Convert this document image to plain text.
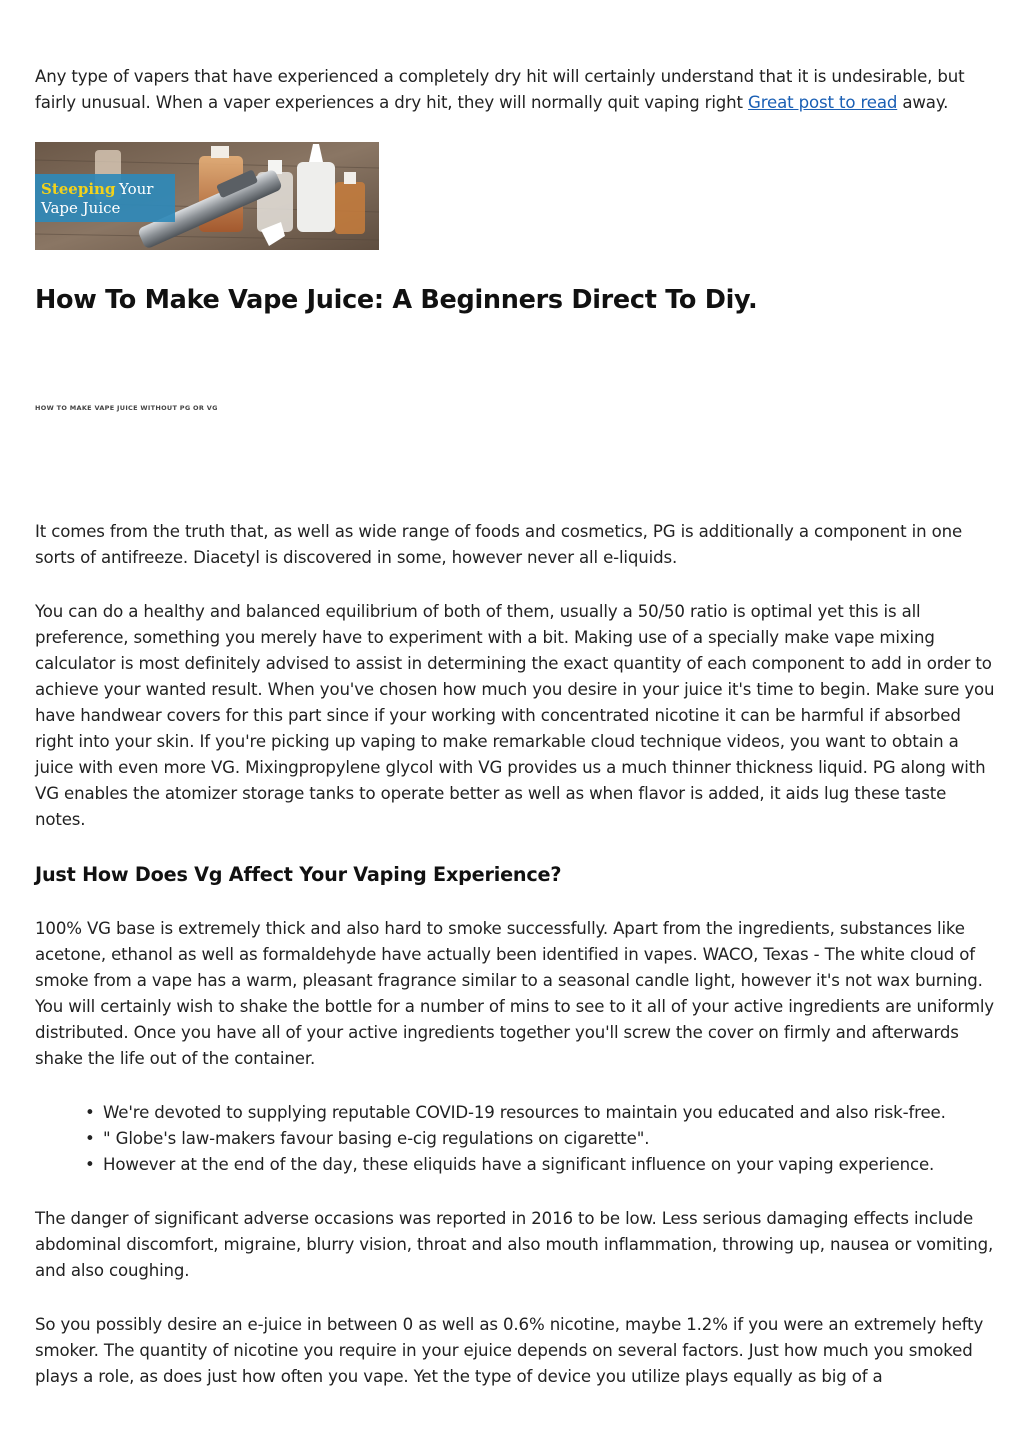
Any type of vapers that have experienced a completely dry hit will certainly understand that it is undesirable, but fairly unusual. When a vaper experiences a dry hit, they will normally quit vaping right Great post to read away.

Steeping Your
Vape Juice
How To Make Vape Juice: A Beginners Direct To Diy.
HOW TO MAKE VAPE JUICE WITHOUT PG OR VG

It comes from the truth that, as well as wide range of foods and cosmetics, PG is additionally a component in one sorts of antifreeze. Diacetyl is discovered in some, however never all e-liquids.

You can do a healthy and balanced equilibrium of both of them, usually a 50/50 ratio is optimal yet this is all preference, something you merely have to experiment with a bit. Making use of a specially make vape mixing calculator is most definitely advised to assist in determining the exact quantity of each component to add in order to achieve your wanted result. When you've chosen how much you desire in your juice it's time to begin. Make sure you have handwear covers for this part since if your working with concentrated nicotine it can be harmful if absorbed right into your skin. If you're picking up vaping to make remarkable cloud technique videos, you want to obtain a juice with even more VG. Mixingpropylene glycol with VG provides us a much thinner thickness liquid. PG along with VG enables the atomizer storage tanks to operate better as well as when flavor is added, it aids lug these taste notes.

Just How Does Vg Affect Your Vaping Experience?

100% VG base is extremely thick and also hard to smoke successfully. Apart from the ingredients, substances like acetone, ethanol as well as formaldehyde have actually been identified in vapes. WACO, Texas - The white cloud of smoke from a vape has a warm, pleasant fragrance similar to a seasonal candle light, however it's not wax burning. You will certainly wish to shake the bottle for a number of mins to see to it all of your active ingredients are uniformly distributed. Once you have all of your active ingredients together you'll screw the cover on firmly and afterwards shake the life out of the container.

• We're devoted to supplying reputable COVID-19 resources to maintain you educated and also risk-free.
• " Globe's law-makers favour basing e-cig regulations on cigarette".
• However at the end of the day, these eliquids have a significant influence on your vaping experience.

The danger of significant adverse occasions was reported in 2016 to be low. Less serious damaging effects include abdominal discomfort, migraine, blurry vision, throat and also mouth inflammation, throwing up, nausea or vomiting, and also coughing.

So you possibly desire an e-juice in between 0 as well as 0.6% nicotine, maybe 1.2% if you were an extremely hefty smoker. The quantity of nicotine you require in your ejuice depends on several factors. Just how much you smoked plays a role, as does just how often you vape. Yet the type of device you utilize plays equally as big of a
